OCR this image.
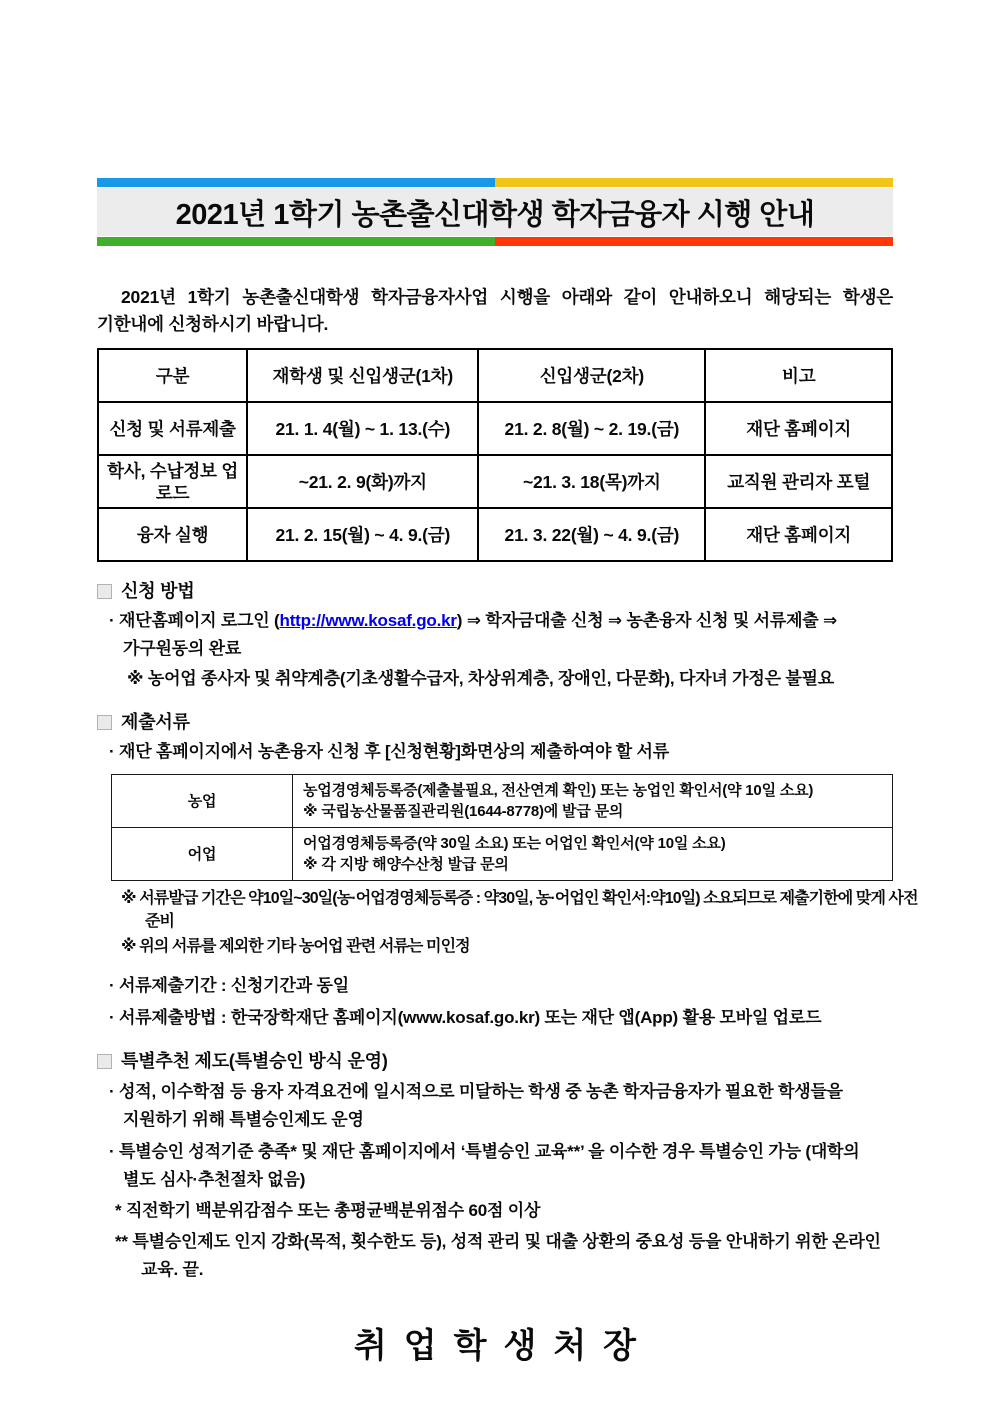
2021년 1학기 농촌출신대학생 학자금융자 시행 안내

2021년 1학기 농촌출신대학생 학자금융자사업 시행을 아래와 같이 안내하오니 해당되는 학생은 기한내에 신청하시기 바랍니다.

구분	재학생 및 신입생군(1차)	신입생군(2차)	비고
신청 및 서류제출	21. 1. 4(월) ~ 1. 13.(수)	21. 2. 8(월) ~ 2. 19.(금)	재단 홈페이지
학사, 수납정보 업로드	~21. 2. 9(화)까지	~21. 3. 18(목)까지	교직원 관리자 포털
융자 실행	21. 2. 15(월) ~ 4. 9.(금)	21. 3. 22(월) ~ 4. 9.(금)	재단 홈페이지
신청 방법
· 재단홈페이지 로그인 (http://www.kosaf.go.kr) ⇒ 학자금대출 신청 ⇒ 농촌융자 신청 및 서류제출 ⇒ 가구원동의 완료
※ 농어업 종사자 및 취약계층(기초생활수급자, 차상위계층, 장애인, 다문화), 다자녀 가정은 불필요
제출서류
· 재단 홈페이지에서 농촌융자 신청 후 [신청현황]화면상의 제출하여야 할 서류
농업	농업경영체등록증(제출불필요, 전산연계 확인) 또는 농업인 확인서(약 10일 소요)
※ 국립농산물품질관리원(1644-8778)에 발급 문의

어업	어업경영체등록증(약 30일 소요) 또는 어업인 확인서(약 10일 소요)
※ 각 지방 해양수산청 발급 문의
※ 서류발급 기간은 약10일~30일(농·어업경영체등록증 : 약30일, 농·어업인 확인서:약10일) 소요되므로 제출기한에 맞게 사전 준비
※ 위의 서류를 제외한 기타 농어업 관련 서류는 미인정
· 서류제출기간 : 신청기간과 동일
· 서류제출방법 : 한국장학재단 홈페이지(www.kosaf.go.kr) 또는 재단 앱(App) 활용 모바일 업로드
특별추천 제도(특별승인 방식 운영)
· 성적, 이수학점 등 융자 자격요건에 일시적으로 미달하는 학생 중 농촌 학자금융자가 필요한 학생들을 지원하기 위해 특별승인제도 운영
· 특별승인 성적기준 충족* 및 재단 홈페이지에서 ‘특별승인 교육**’ 을 이수한 경우 특별승인 가능 (대학의 별도 심사·추천절차 없음)
* 직전학기 백분위감점수 또는 총평균백분위점수 60점 이상
** 특별승인제도 인지 강화(목적, 횟수한도 등), 성적 관리 및 대출 상환의 중요성 등을 안내하기 위한 온라인 교육. 끝.
취업학생처장
